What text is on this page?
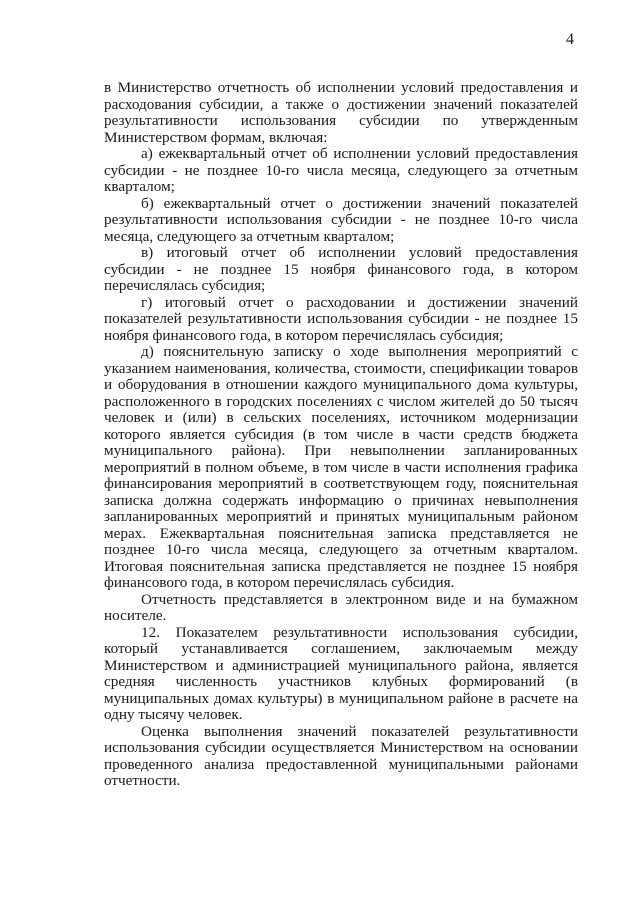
4

в Министерство отчетность об исполнении условий предоставления и расходования субсидии, а также о достижении значений показателей результативности использования субсидии по утвержденным Министерством формам, включая:

а) ежеквартальный отчет об исполнении условий предоставления субсидии - не позднее 10-го числа месяца, следующего за отчетным кварталом;

б) ежеквартальный отчет о достижении значений показателей результативности использования субсидии - не позднее 10-го числа месяца, следующего за отчетным кварталом;

в) итоговый отчет об исполнении условий предоставления субсидии - не позднее 15 ноября финансового года, в котором перечислялась субсидия;

г) итоговый отчет о расходовании и достижении значений показателей результативности использования субсидии - не позднее 15 ноября финансового года, в котором перечислялась субсидия;

д) пояснительную записку о ходе выполнения мероприятий с указанием наименования, количества, стоимости, спецификации товаров и оборудования в отношении каждого муниципального дома культуры, расположенного в городских поселениях с числом жителей до 50 тысяч человек и (или) в сельских поселениях, источником модернизации которого является субсидия (в том числе в части средств бюджета муниципального района). При невыполнении запланированных мероприятий в полном объеме, в том числе в части исполнения графика финансирования мероприятий в соответствующем году, пояснительная записка должна содержать информацию о причинах невыполнения запланированных мероприятий и принятых муниципальным районом мерах. Ежеквартальная пояснительная записка представляется не позднее 10-го числа месяца, следующего за отчетным кварталом. Итоговая пояснительная записка представляется не позднее 15 ноября финансового года, в котором перечислялась субсидия.

Отчетность представляется в электронном виде и на бумажном носителе.

12. Показателем результативности использования субсидии, который устанавливается соглашением, заключаемым между Министерством и администрацией муниципального района, является средняя численность участников клубных формирований (в муниципальных домах культуры) в муниципальном районе в расчете на одну тысячу человек.

Оценка выполнения значений показателей результативности использования субсидии осуществляется Министерством на основании проведенного анализа предоставленной муниципальными районами отчетности.
